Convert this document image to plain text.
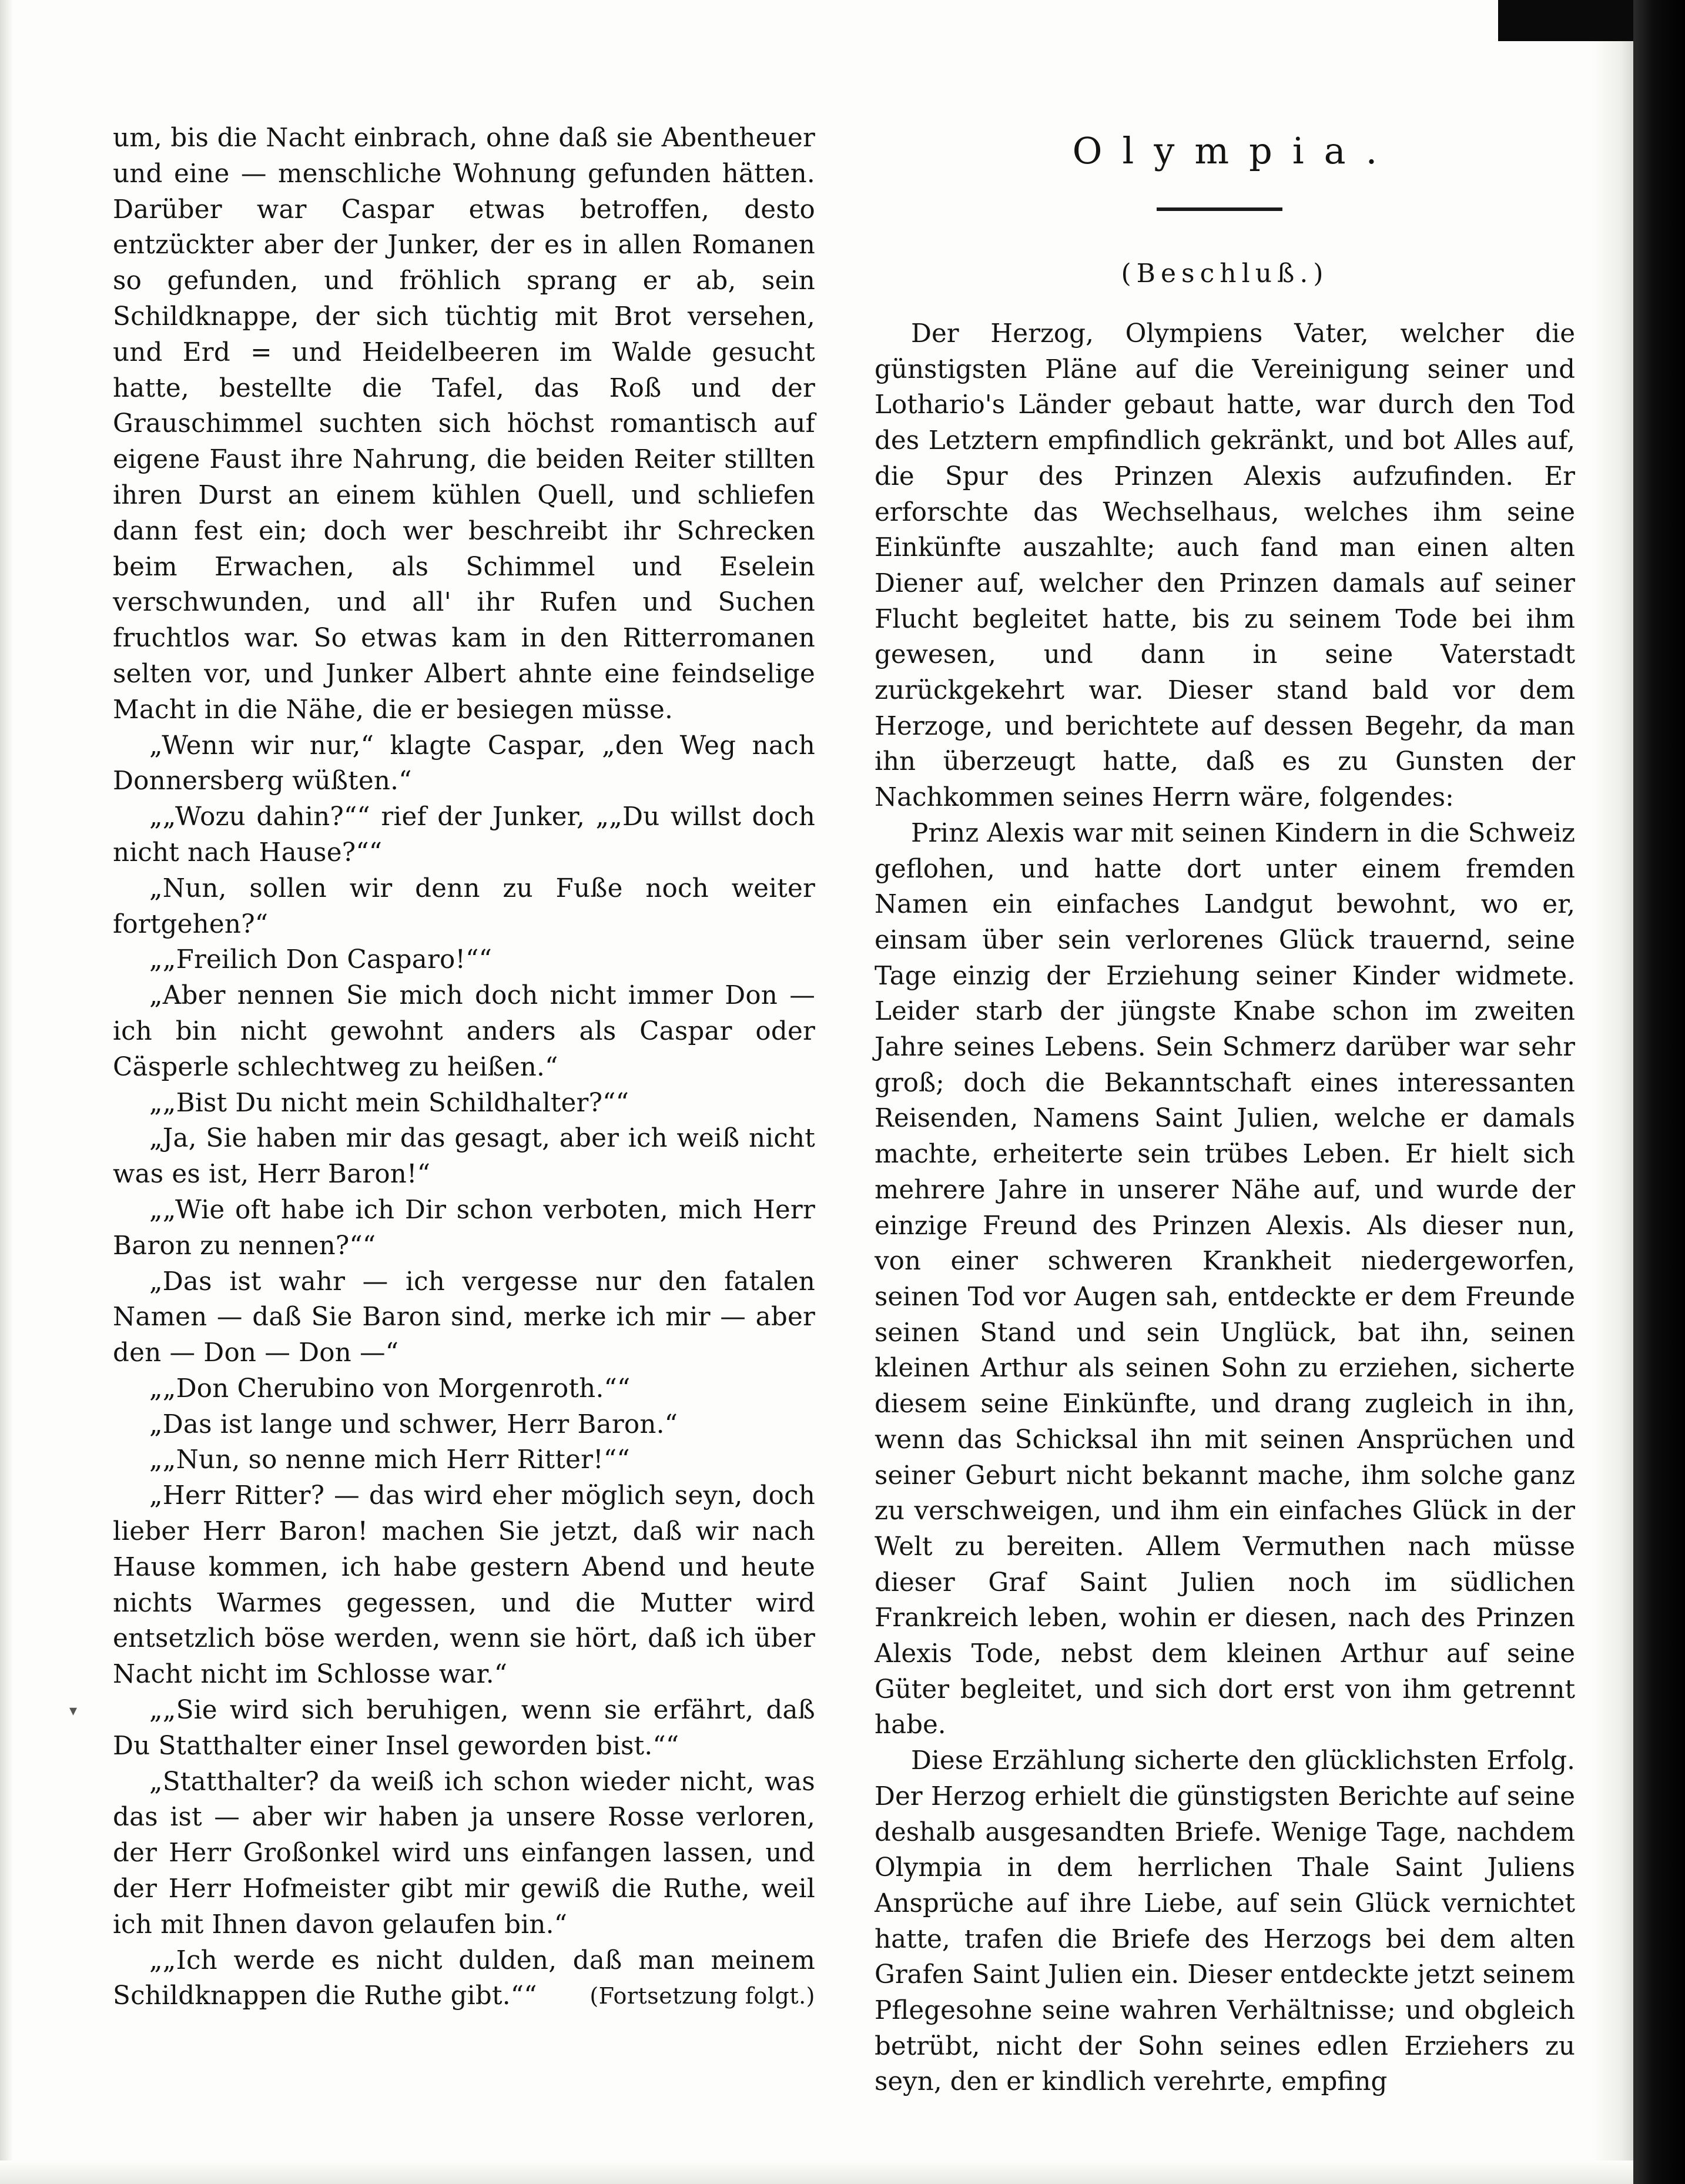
um, bis die Nacht einbrach, ohne daß sie Abentheuer und eine — menschliche Wohnung gefunden hätten. Darüber war Caspar etwas betroffen, desto entzückter aber der Junker, der es in allen Romanen so gefunden, und fröhlich sprang er ab, sein Schildknappe, der sich tüchtig mit Brot versehen, und Erd = und Heidelbeeren im Walde gesucht hatte, bestellte die Tafel, das Roß und der Grauschimmel suchten sich höchst romantisch auf eigene Faust ihre Nahrung, die beiden Reiter stillten ihren Durst an einem kühlen Quell, und schliefen dann fest ein; doch wer beschreibt ihr Schrecken beim Erwachen, als Schimmel und Eselein verschwunden, und all' ihr Rufen und Suchen fruchtlos war. So etwas kam in den Ritterromanen selten vor, und Junker Albert ahnte eine feindselige Macht in die Nähe, die er besiegen müsse.

„Wenn wir nur,“ klagte Caspar, „den Weg nach Donnersberg wüßten.“

„„Wozu dahin?““ rief der Junker, „„Du willst doch nicht nach Hause?““

„Nun, sollen wir denn zu Fuße noch weiter fortgehen?“

„„Freilich Don Casparo!““

„Aber nennen Sie mich doch nicht immer Don — ich bin nicht gewohnt anders als Caspar oder Cäsperle schlechtweg zu heißen.“

„„Bist Du nicht mein Schildhalter?““

„Ja, Sie haben mir das gesagt, aber ich weiß nicht was es ist, Herr Baron!“

„„Wie oft habe ich Dir schon verboten, mich Herr Baron zu nennen?““

„Das ist wahr — ich vergesse nur den fatalen Namen — daß Sie Baron sind, merke ich mir — aber den — Don — Don —“

„„Don Cherubino von Morgenroth.““

„Das ist lange und schwer, Herr Baron.“

„„Nun, so nenne mich Herr Ritter!““

„Herr Ritter? — das wird eher möglich seyn, doch lieber Herr Baron! machen Sie jetzt, daß wir nach Hause kommen, ich habe gestern Abend und heute nichts Warmes gegessen, und die Mutter wird entsetzlich böse werden, wenn sie hört, daß ich über Nacht nicht im Schlosse war.“

„„Sie wird sich beruhigen, wenn sie erfährt, daß Du Statthalter einer Insel geworden bist.““

„Statthalter? da weiß ich schon wieder nicht, was das ist — aber wir haben ja unsere Rosse verloren, der Herr Großonkel wird uns einfangen lassen, und der Herr Hofmeister gibt mir gewiß die Ruthe, weil ich mit Ihnen davon gelaufen bin.“

„„Ich werde es nicht dulden, daß man meinem Schildknappen die Ruthe gibt.““	(Fortsetzung folgt.)

Olympia.
(Beschluß.)

Der Herzog, Olympiens Vater, welcher die günstigsten Pläne auf die Vereinigung seiner und Lothario's Länder gebaut hatte, war durch den Tod des Letztern empfindlich gekränkt, und bot Alles auf, die Spur des Prinzen Alexis aufzufinden. Er erforschte das Wechselhaus, welches ihm seine Einkünfte auszahlte; auch fand man einen alten Diener auf, welcher den Prinzen damals auf seiner Flucht begleitet hatte, bis zu seinem Tode bei ihm gewesen, und dann in seine Vaterstadt zurückgekehrt war. Dieser stand bald vor dem Herzoge, und berichtete auf dessen Begehr, da man ihn überzeugt hatte, daß es zu Gunsten der Nachkommen seines Herrn wäre, folgendes:

Prinz Alexis war mit seinen Kindern in die Schweiz geflohen, und hatte dort unter einem fremden Namen ein einfaches Landgut bewohnt, wo er, einsam über sein verlorenes Glück trauernd, seine Tage einzig der Erziehung seiner Kinder widmete. Leider starb der jüngste Knabe schon im zweiten Jahre seines Lebens. Sein Schmerz darüber war sehr groß; doch die Bekanntschaft eines interessanten Reisenden, Namens Saint Julien, welche er damals machte, erheiterte sein trübes Leben. Er hielt sich mehrere Jahre in unserer Nähe auf, und wurde der einzige Freund des Prinzen Alexis. Als dieser nun, von einer schweren Krankheit niedergeworfen, seinen Tod vor Augen sah, entdeckte er dem Freunde seinen Stand und sein Unglück, bat ihn, seinen kleinen Arthur als seinen Sohn zu erziehen, sicherte diesem seine Einkünfte, und drang zugleich in ihn, wenn das Schicksal ihn mit seinen Ansprüchen und seiner Geburt nicht bekannt mache, ihm solche ganz zu verschweigen, und ihm ein einfaches Glück in der Welt zu bereiten. Allem Vermuthen nach müsse dieser Graf Saint Julien noch im südlichen Frankreich leben, wohin er diesen, nach des Prinzen Alexis Tode, nebst dem kleinen Arthur auf seine Güter begleitet, und sich dort erst von ihm getrennt habe.

Diese Erzählung sicherte den glücklichsten Erfolg. Der Herzog erhielt die günstigsten Berichte auf seine deshalb ausgesandten Briefe. Wenige Tage, nachdem Olympia in dem herrlichen Thale Saint Juliens Ansprüche auf ihre Liebe, auf sein Glück vernichtet hatte, trafen die Briefe des Herzogs bei dem alten Grafen Saint Julien ein. Dieser entdeckte jetzt seinem Pflegesohne seine wahren Verhältnisse; und obgleich betrübt, nicht der Sohn seines edlen Erziehers zu seyn, den er kindlich verehrte, empfing

▾
